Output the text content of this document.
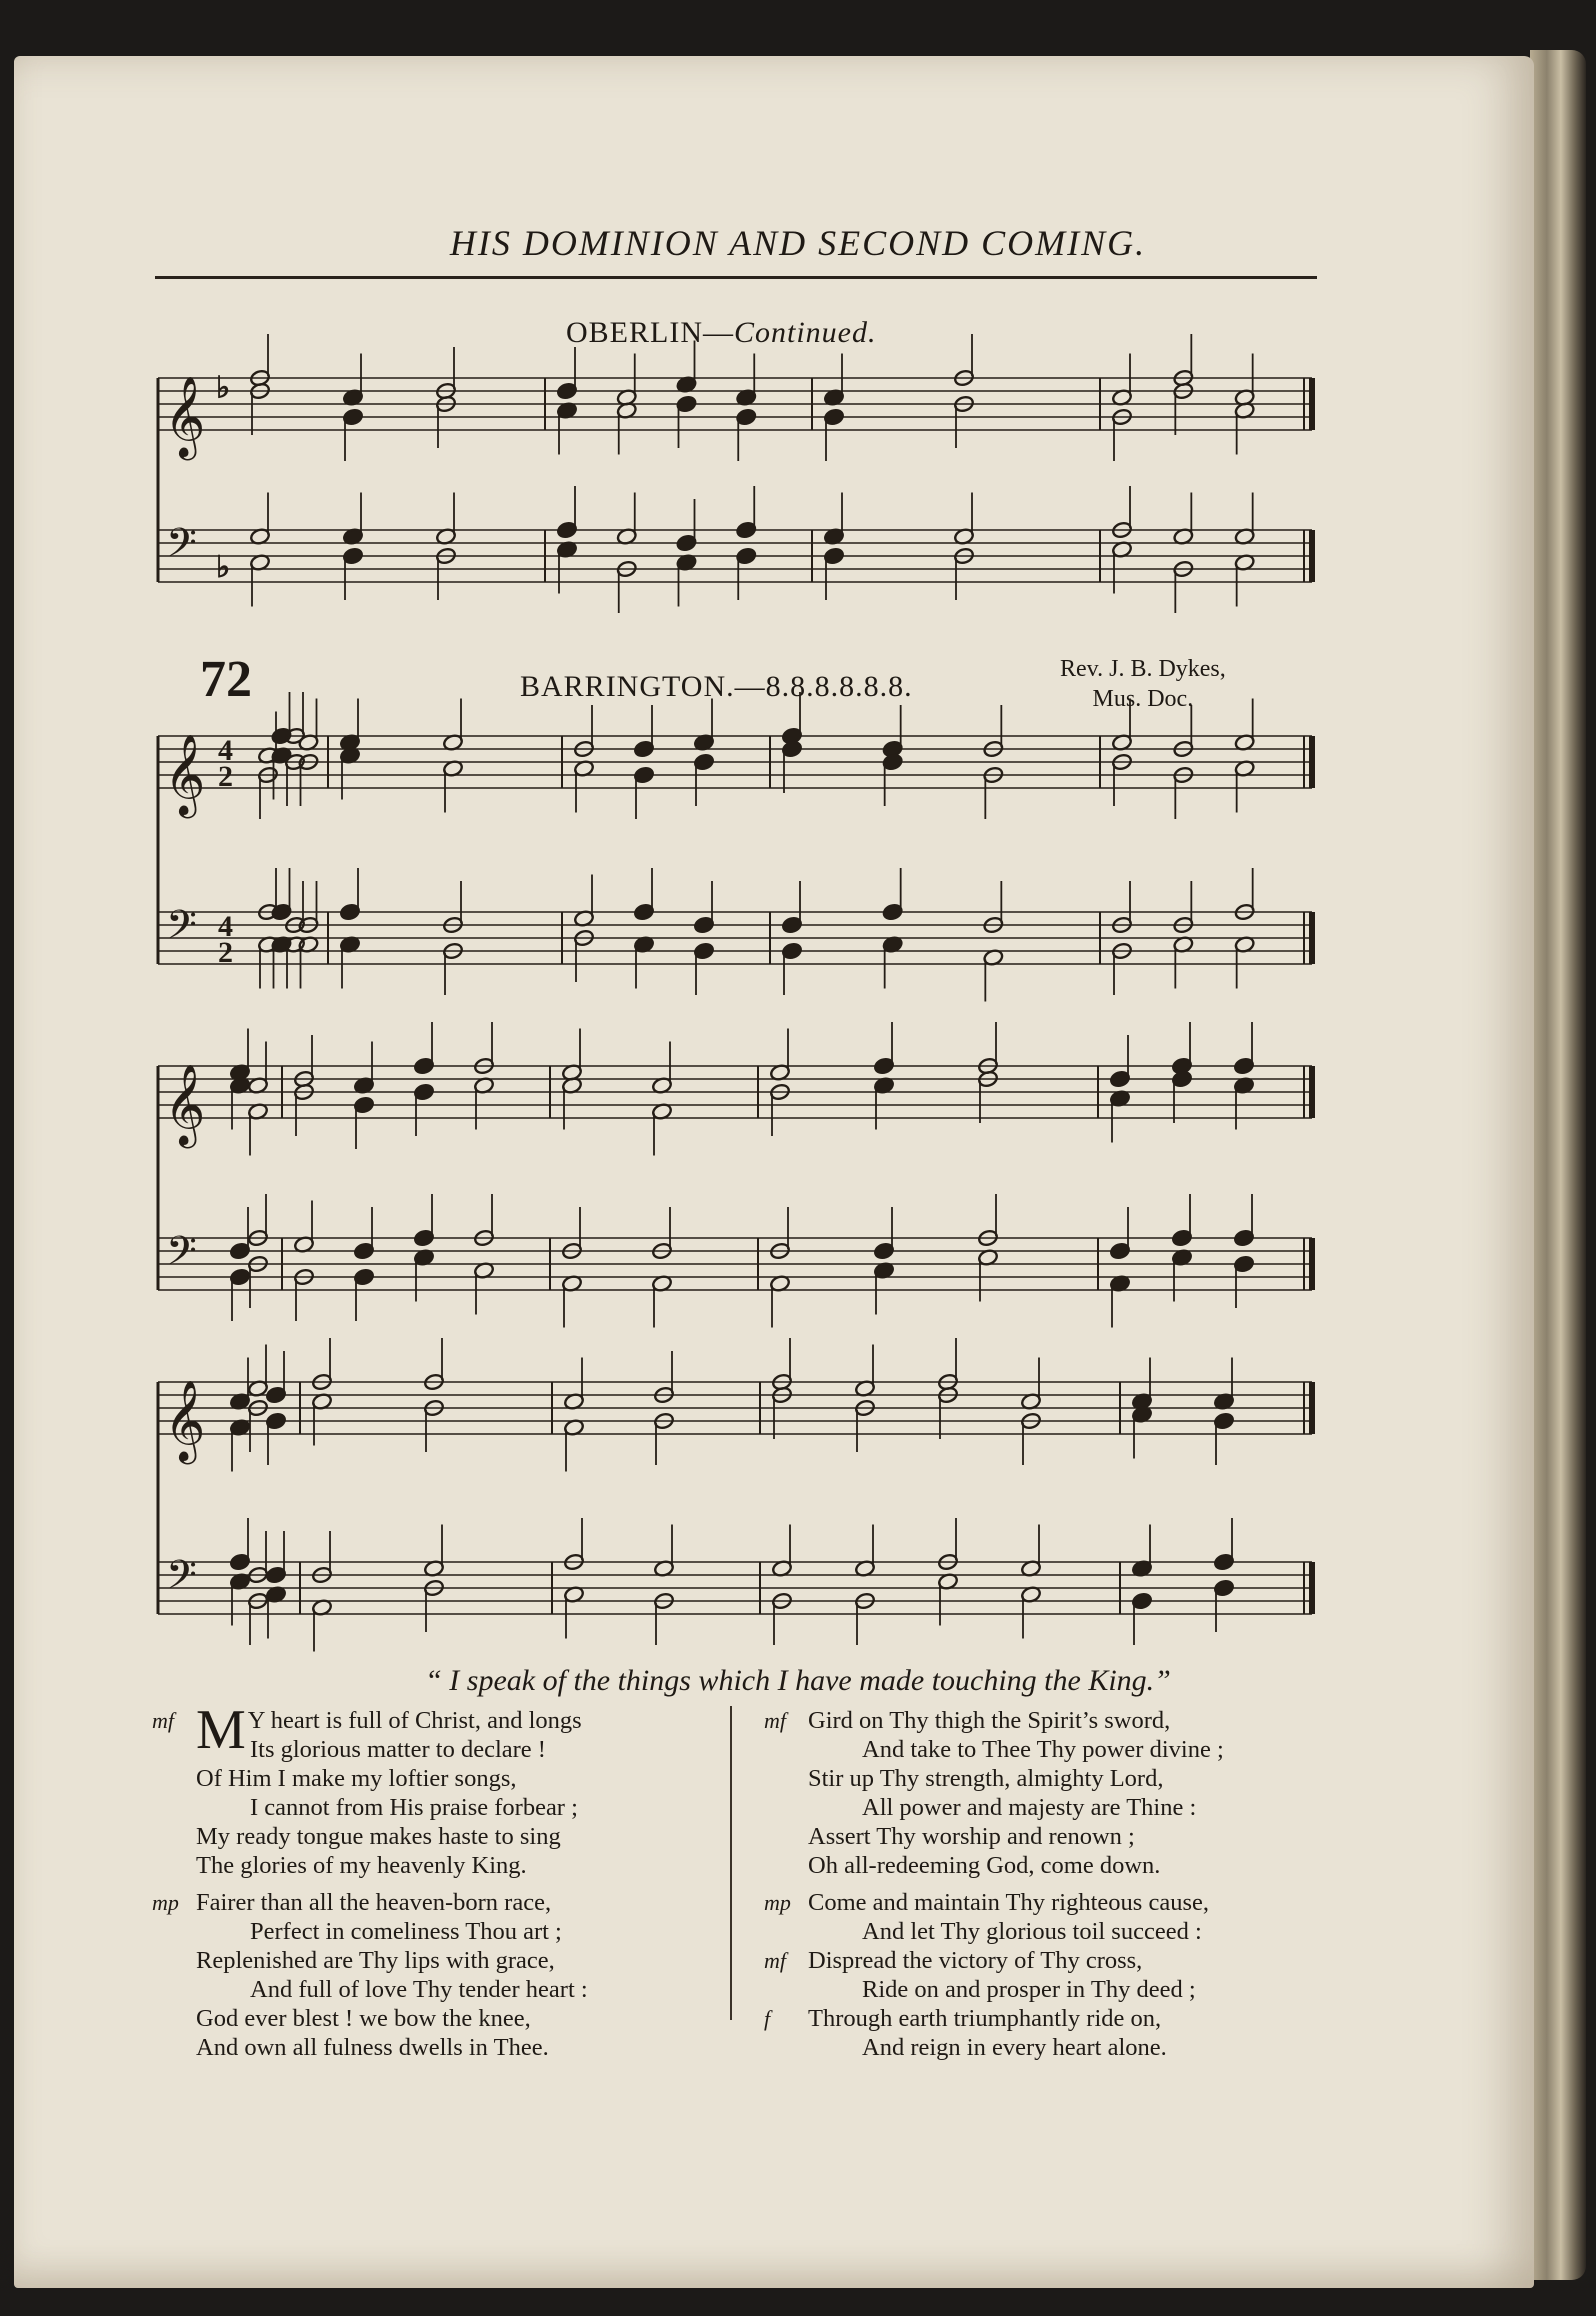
HIS DOMINION AND SECOND COMING.
OBERLIN—Continued.
72	BARRINGTON.—8.8.8.8.8.8.
Rev. J. B. Dykes,
Mus. Doc.
𝄞
𝄢
♭
♭
𝄞
𝄢
4
2
4
2
𝄞
𝄢
𝄞
𝄢
“ I speak of the things which I have made touching the King.”
mf M Y heart is full of Christ, and longs
Its glorious matter to declare !
Of Him I make my loftier songs,
I cannot from His praise forbear ;
My ready tongue makes haste to sing
The glories of my heavenly King.
mp Fairer than all the heaven-born race,
Perfect in comeliness Thou art ;
Replenished are Thy lips with grace,
And full of love Thy tender heart :
God ever blest ! we bow the knee,
And own all fulness dwells in Thee.
mf Gird on Thy thigh the Spirit’s sword,
And take to Thee Thy power divine ;
Stir up Thy strength, almighty Lord,
All power and majesty are Thine :
Assert Thy worship and renown ;
Oh all-redeeming God, come down.
mp Come and maintain Thy righteous cause,
And let Thy glorious toil succeed :
mf Dispread the victory of Thy cross,
Ride on and prosper in Thy deed ;
f Through earth triumphantly ride on,
And reign in every heart alone.
